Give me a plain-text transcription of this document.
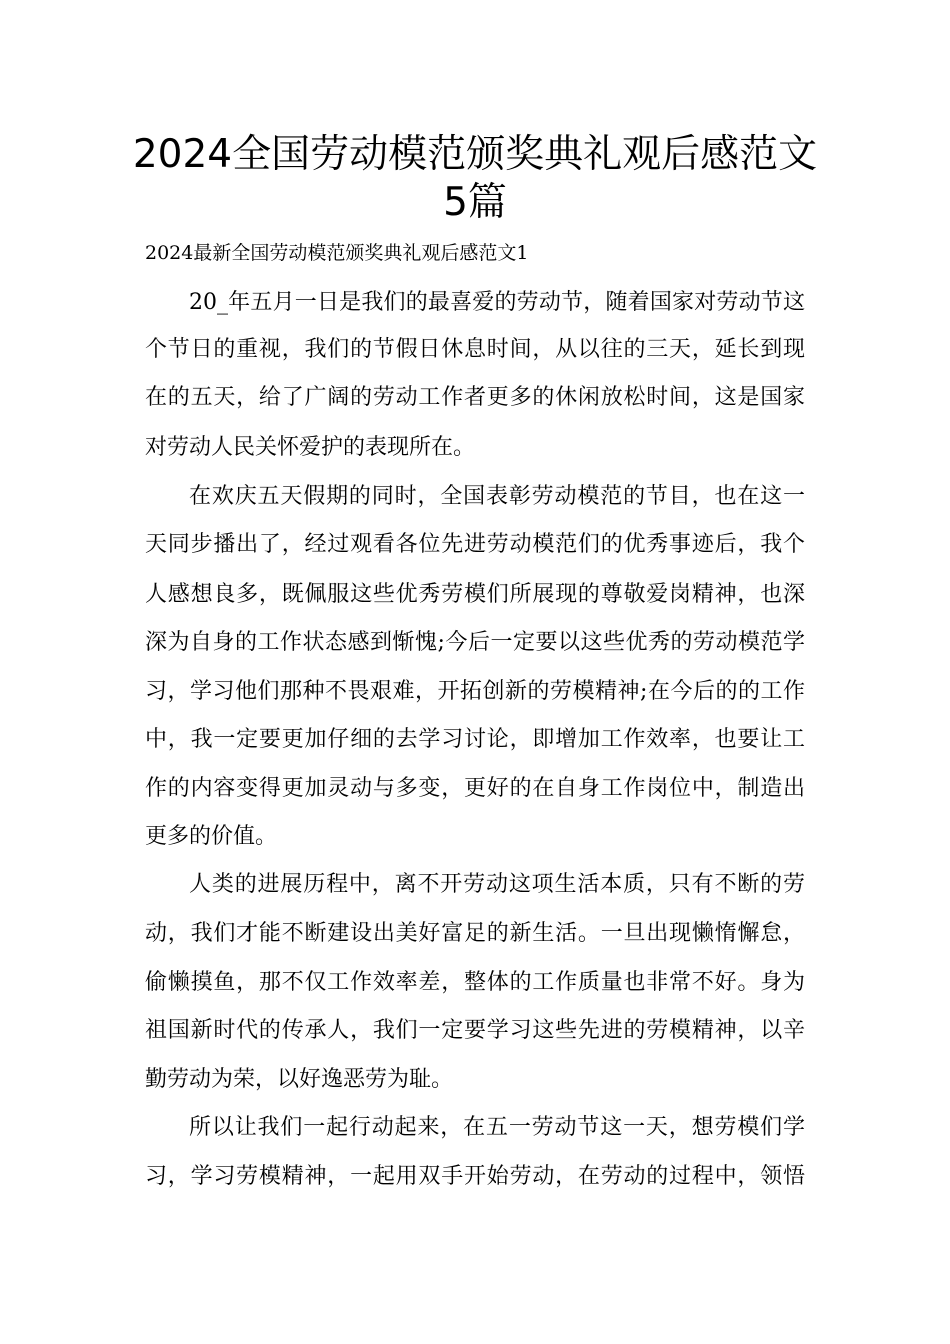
2024全国劳动模范颁奖典礼观后感范文
5篇

2024最新全国劳动模范颁奖典礼观后感范文1

20_年五月一日是我们的最喜爱的劳动节，随着国家对劳动节这

个节日的重视，我们的节假日休息时间，从以往的三天，延长到现

在的五天，给了广阔的劳动工作者更多的休闲放松时间，这是国家

对劳动人民关怀爱护的表现所在。

在欢庆五天假期的同时，全国表彰劳动模范的节目，也在这一

天同步播出了，经过观看各位先进劳动模范们的优秀事迹后，我个

人感想良多，既佩服这些优秀劳模们所展现的尊敬爱岗精神，也深

深为自身的工作状态感到惭愧;今后一定要以这些优秀的劳动模范学

习，学习他们那种不畏艰难，开拓创新的劳模精神;在今后的的工作

中，我一定要更加仔细的去学习讨论，即增加工作效率，也要让工

作的内容变得更加灵动与多变，更好的在自身工作岗位中，制造出

更多的价值。

人类的进展历程中，离不开劳动这项生活本质，只有不断的劳

动，我们才能不断建设出美好富足的新生活。一旦出现懒惰懈怠，

偷懒摸鱼，那不仅工作效率差，整体的工作质量也非常不好。身为

祖国新时代的传承人，我们一定要学习这些先进的劳模精神，以辛

勤劳动为荣，以好逸恶劳为耻。

所以让我们一起行动起来，在五一劳动节这一天，想劳模们学

习，学习劳模精神，一起用双手开始劳动，在劳动的过程中，领悟
